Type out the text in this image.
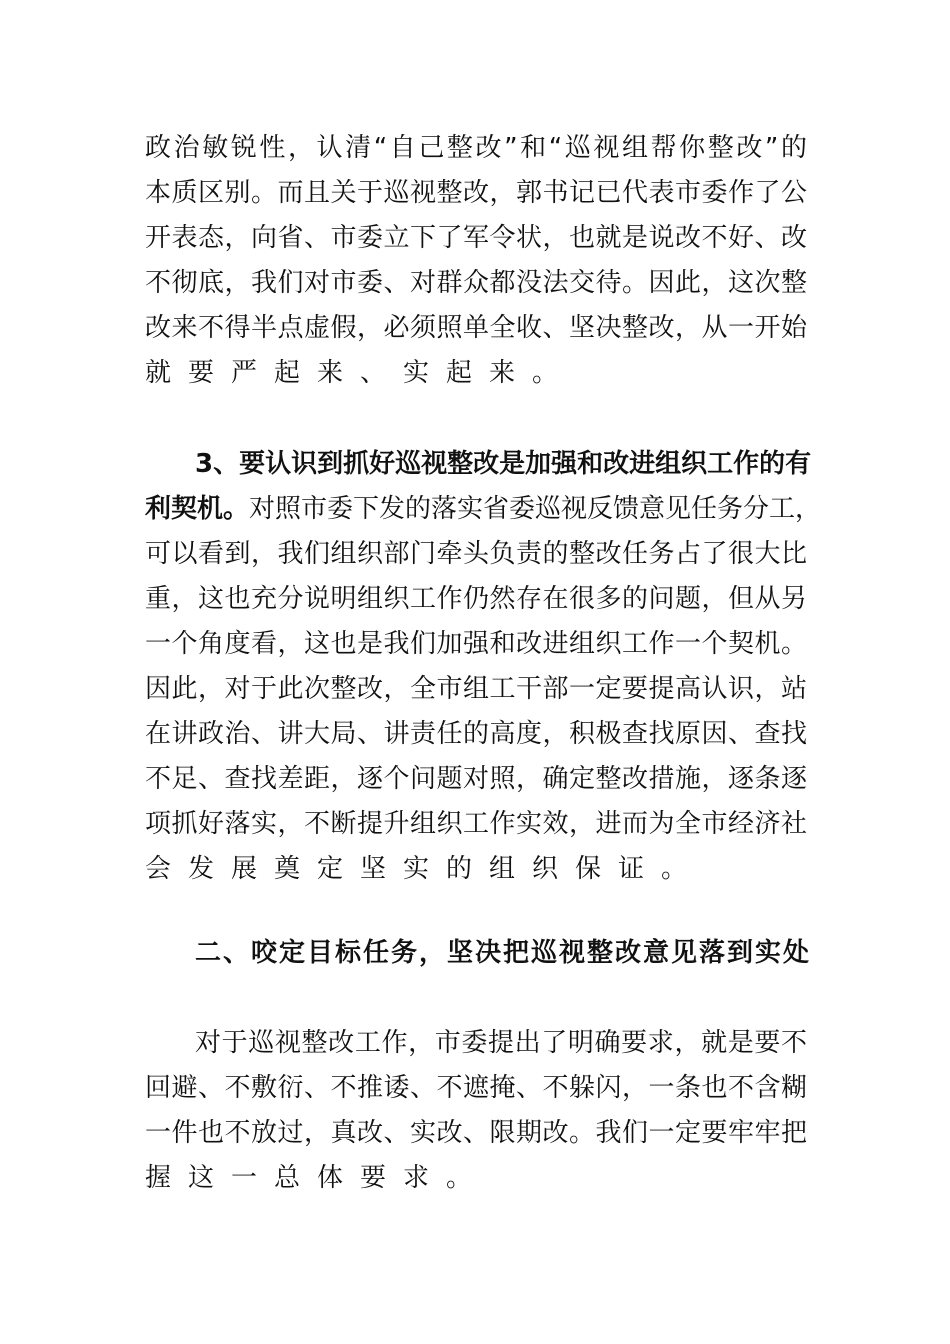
政治敏锐性，认清“自己整改”和“巡视组帮你整改”的
本质区别。而且关于巡视整改，郭书记已代表市委作了公
开表态，向省、市委立下了军令状，也就是说改不好、改
不彻底，我们对市委、对群众都没法交待。因此，这次整
改来不得半点虚假，必须照单全收、坚决整改，从一开始
就要严起来、实起来。
3、要认识到抓好巡视整改是加强和改进组织工作的有
利契机。对照市委下发的落实省委巡视反馈意见任务分工，
可以看到，我们组织部门牵头负责的整改任务占了很大比
重，这也充分说明组织工作仍然存在很多的问题，但从另
一个角度看，这也是我们加强和改进组织工作一个契机。
因此，对于此次整改，全市组工干部一定要提高认识，站
在讲政治、讲大局、讲责任的高度，积极查找原因、查找
不足、查找差距，逐个问题对照，确定整改措施，逐条逐
项抓好落实，不断提升组织工作实效，进而为全市经济社
会发展奠定坚实的组织保证。
二、咬定目标任务，坚决把巡视整改意见落到实处
对于巡视整改工作，市委提出了明确要求，就是要不
回避、不敷衍、不推诿、不遮掩、不躲闪，一条也不含糊
一件也不放过，真改、实改、限期改。我们一定要牢牢把
握这一总体要求。
